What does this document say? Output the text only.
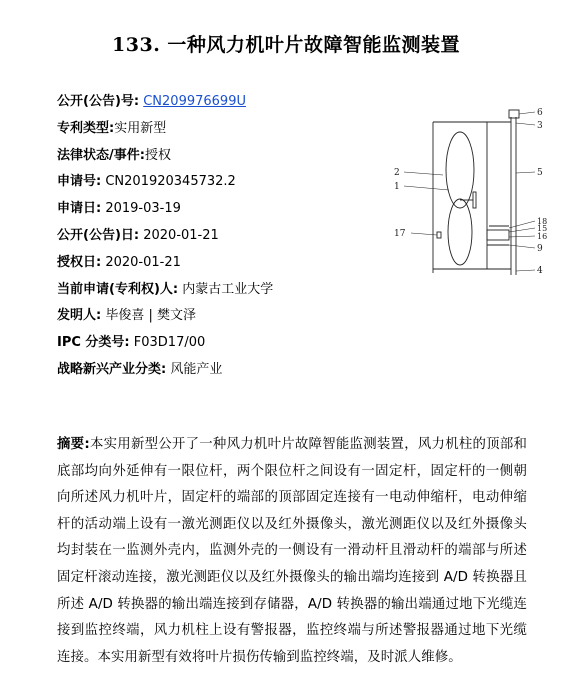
133. 一种风力机叶片故障智能监测装置
公开(公告)号: CN209976699U
专利类型:实用新型
法律状态/事件:授权
申请号: CN201920345732.2
申请日: 2019-03-19
公开(公告)日: 2020-01-21
授权日: 2020-01-21
当前申请(专利权)人: 内蒙古工业大学
发明人: 毕俊喜 | 樊文泽
IPC 分类号: F03D17/00
战略新兴产业分类: 风能产业
6
3
2	5
1
18
15
16
17
9
4
摘要:本实用新型公开了一种风力机叶片故障智能监测装置，风力机柱的顶部和底部均向外延伸有一限位杆，两个限位杆之间设有一固定杆，固定杆的一侧朝向所述风力机叶片，固定杆的端部的顶部固定连接有一电动伸缩杆，电动伸缩杆的活动端上设有一激光测距仪以及红外摄像头，激光测距仪以及红外摄像头均封装在一监测外壳内，监测外壳的一侧设有一滑动杆且滑动杆的端部与所述固定杆滚动连接，激光测距仪以及红外摄像头的输出端均连接到 A/D 转换器且所述 A/D 转换器的输出端连接到存储器，A/D 转换器的输出端通过地下光缆连接到监控终端，风力机柱上设有警报器，监控终端与所述警报器通过地下光缆连接。本实用新型有效将叶片损伤传输到监控终端，及时派人维修。
